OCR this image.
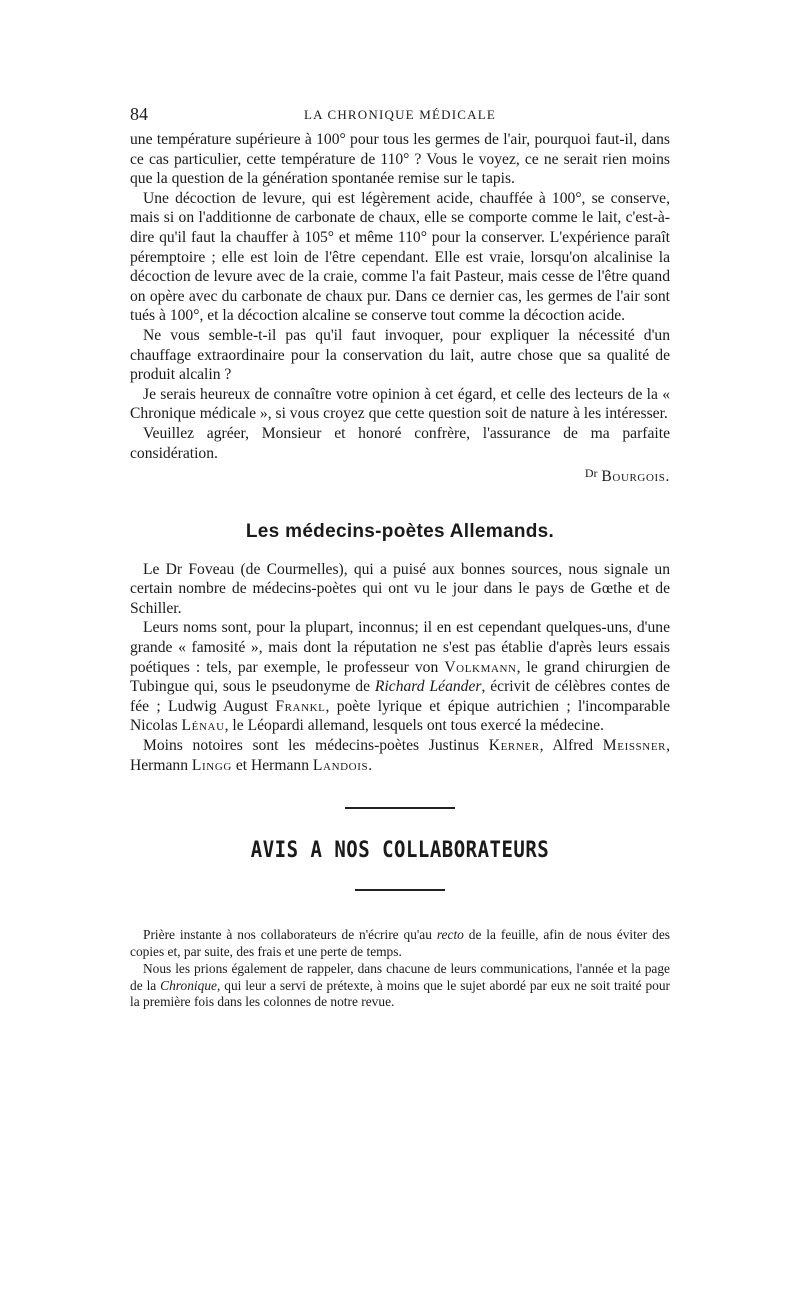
84	LA CHRONIQUE MÉDICALE

une température supérieure à 100° pour tous les germes de l'air, pourquoi faut-il, dans ce cas particulier, cette température de 110° ? Vous le voyez, ce ne serait rien moins que la question de la génération spontanée remise sur le tapis.

Une décoction de levure, qui est légèrement acide, chauffée à 100°, se conserve, mais si on l'additionne de carbonate de chaux, elle se comporte comme le lait, c'est-à-dire qu'il faut la chauffer à 105° et même 110° pour la conserver. L'expérience paraît péremptoire ; elle est loin de l'être cependant. Elle est vraie, lorsqu'on alcalinise la décoction de levure avec de la craie, comme l'a fait Pasteur, mais cesse de l'être quand on opère avec du carbonate de chaux pur. Dans ce dernier cas, les germes de l'air sont tués à 100°, et la décoction alcaline se conserve tout comme la décoction acide.

Ne vous semble-t-il pas qu'il faut invoquer, pour expliquer la nécessité d'un chauffage extraordinaire pour la conservation du lait, autre chose que sa qualité de produit alcalin ?

Je serais heureux de connaître votre opinion à cet égard, et celle des lecteurs de la « Chronique médicale », si vous croyez que cette question soit de nature à les intéresser.

Veuillez agréer, Monsieur et honoré confrère, l'assurance de ma parfaite considération.

$^{Dr}$ Bourgois.

Les médecins-poètes Allemands.

Le Dr Foveau (de Courmelles), qui a puisé aux bonnes sources, nous signale un certain nombre de médecins-poètes qui ont vu le jour dans le pays de Gœthe et de Schiller.

Leurs noms sont, pour la plupart, inconnus; il en est cependant quelques-uns, d'une grande « famosité », mais dont la réputation ne s'est pas établie d'après leurs essais poétiques : tels, par exemple, le professeur von Volkmann, le grand chirurgien de Tubingue qui, sous le pseudonyme de Richard Léander, écrivit de célèbres contes de fée ; Ludwig August Frankl, poète lyrique et épique autrichien ; l'incomparable Nicolas Lénau, le Léopardi allemand, lesquels ont tous exercé la médecine.

Moins notoires sont les médecins-poètes Justinus Kerner, Alfred Meissner, Hermann Lingg et Hermann Landois.

AVIS A NOS COLLABORATEURS

Prière instante à nos collaborateurs de n'écrire qu'au recto de la feuille, afin de nous éviter des copies et, par suite, des frais et une perte de temps.

Nous les prions également de rappeler, dans chacune de leurs communications, l'année et la page de la Chronique, qui leur a servi de prétexte, à moins que le sujet abordé par eux ne soit traité pour la première fois dans les colonnes de notre revue.
